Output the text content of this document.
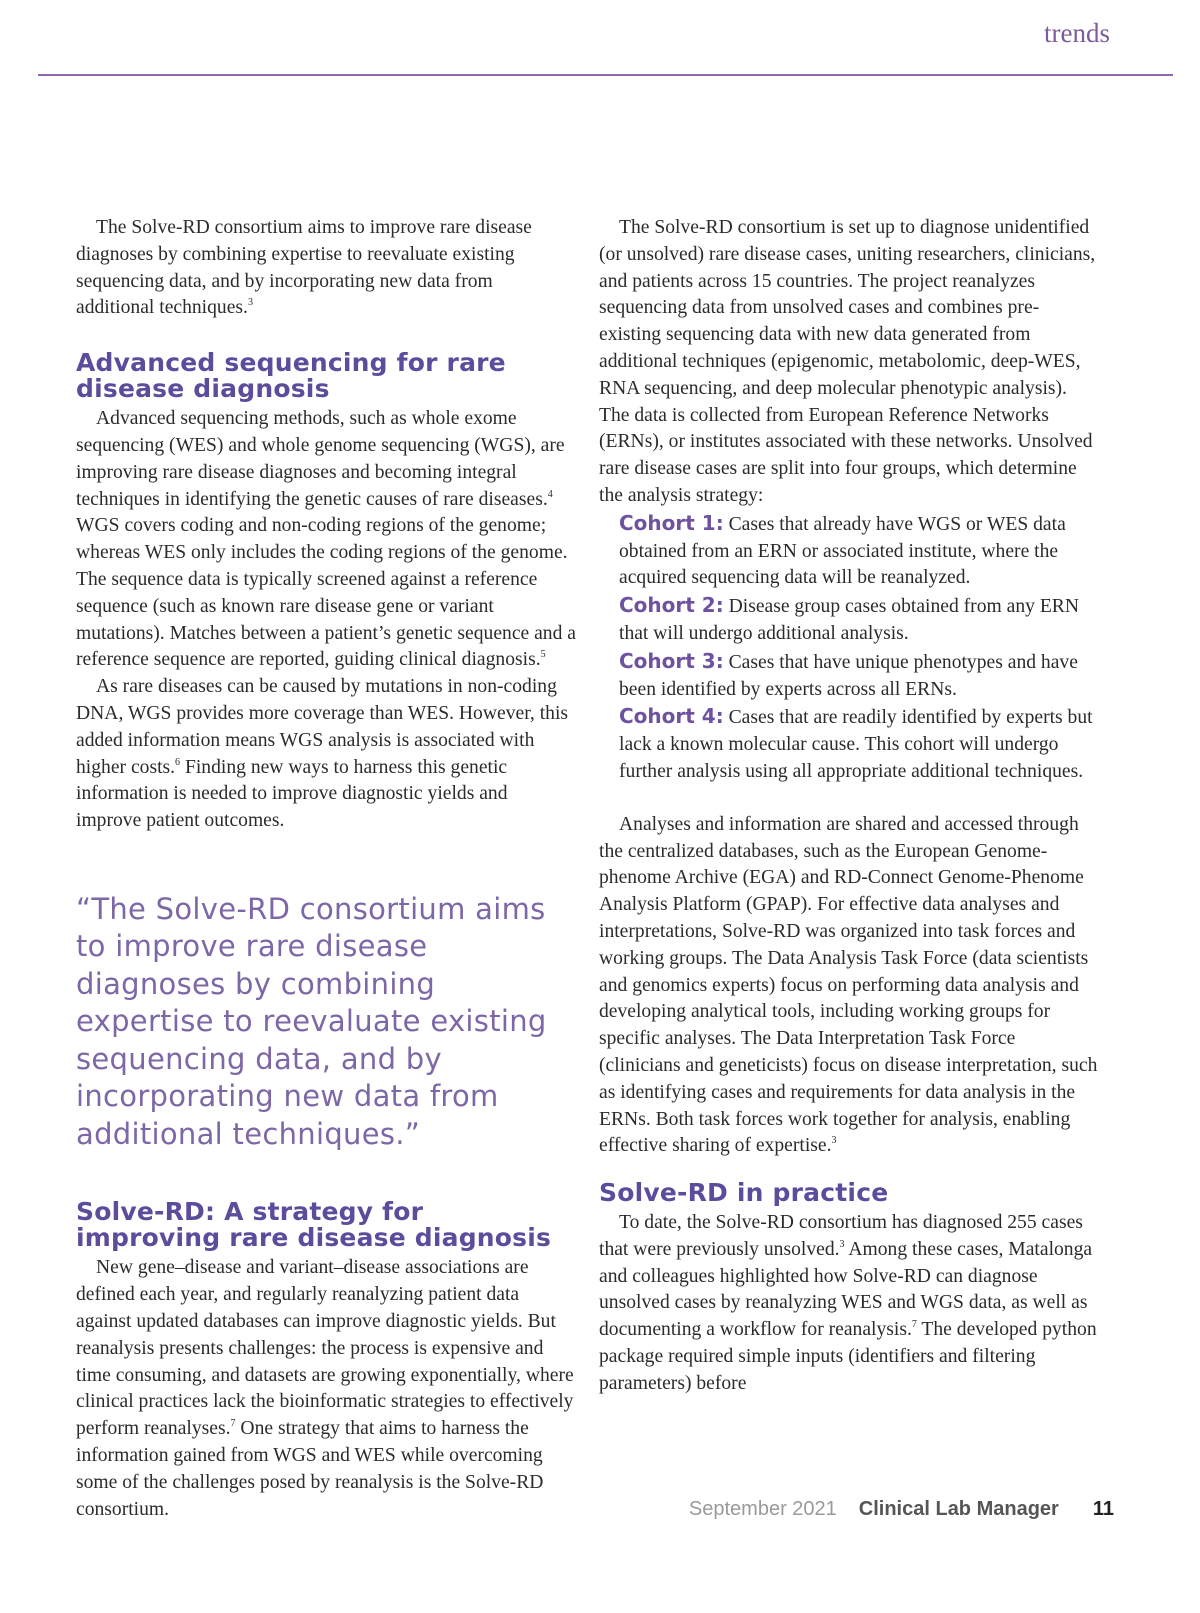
trends

The Solve-RD consortium aims to improve rare disease diagnoses by combining expertise to reevaluate existing sequencing data, and by incorporating new data from additional techniques.$^3$

Advanced sequencing for rare disease diagnosis

Advanced sequencing methods, such as whole exome sequencing (WES) and whole genome sequencing (WGS), are improving rare disease diagnoses and becoming integral techniques in identifying the genetic causes of rare diseases.$^4$ WGS covers coding and non-coding regions of the genome; whereas WES only includes the coding regions of the genome. The sequence data is typically screened against a reference sequence (such as known rare disease gene or variant mutations). Matches between a patient’s genetic sequence and a reference sequence are reported, guiding clinical diagnosis.$^5$

As rare diseases can be caused by mutations in non-coding DNA, WGS provides more coverage than WES. However, this added information means WGS analysis is associated with higher costs.$^6$ Finding new ways to harness this genetic information is needed to improve diagnostic yields and improve patient outcomes.

“The Solve-RD consortium aims to improve rare disease diagnoses by combining expertise to reevaluate existing sequencing data, and by incorporating new data from additional techniques.”

Solve-RD: A strategy for improving rare disease diagnosis

New gene–disease and variant–disease associations are defined each year, and regularly reanalyzing patient data against updated databases can improve diagnostic yields. But reanalysis presents challenges: the process is expensive and time consuming, and datasets are growing exponentially, where clinical practices lack the bioinformatic strategies to effectively perform reanalyses.$^7$ One strategy that aims to harness the information gained from WGS and WES while overcoming some of the challenges posed by reanalysis is the Solve-RD consortium.

The Solve-RD consortium is set up to diagnose unidentified (or unsolved) rare disease cases, uniting researchers, clinicians, and patients across 15 countries. The project reanalyzes sequencing data from unsolved cases and combines pre-existing sequencing data with new data generated from additional techniques (epigenomic, metabolomic, deep-WES, RNA sequencing, and deep molecular phenotypic analysis). The data is collected from European Reference Networks (ERNs), or institutes associated with these networks. Unsolved rare disease cases are split into four groups, which determine the analysis strategy:

Cohort 1: Cases that already have WGS or WES data obtained from an ERN or associated institute, where the acquired sequencing data will be reanalyzed.

Cohort 2: Disease group cases obtained from any ERN that will undergo additional analysis.

Cohort 3: Cases that have unique phenotypes and have been identified by experts across all ERNs.

Cohort 4: Cases that are readily identified by experts but lack a known molecular cause. This cohort will undergo further analysis using all appropriate additional techniques.

Analyses and information are shared and accessed through the centralized databases, such as the European Genome-phenome Archive (EGA) and RD-Connect Genome-Phenome Analysis Platform (GPAP). For effective data analyses and interpretations, Solve-RD was organized into task forces and working groups. The Data Analysis Task Force (data scientists and genomics experts) focus on performing data analysis and developing analytical tools, including working groups for specific analyses. The Data Interpretation Task Force (clinicians and geneticists) focus on disease interpretation, such as identifying cases and requirements for data analysis in the ERNs. Both task forces work together for analysis, enabling effective sharing of expertise.$^3$

Solve-RD in practice

To date, the Solve-RD consortium has diagnosed 255 cases that were previously unsolved.$^3$ Among these cases, Matalonga and colleagues highlighted how Solve-RD can diagnose unsolved cases by reanalyzing WES and WGS data, as well as documenting a workflow for reanalysis.$^7$ The developed python package required simple inputs (identifiers and filtering parameters) before

September 2021 Clinical Lab Manager 11
